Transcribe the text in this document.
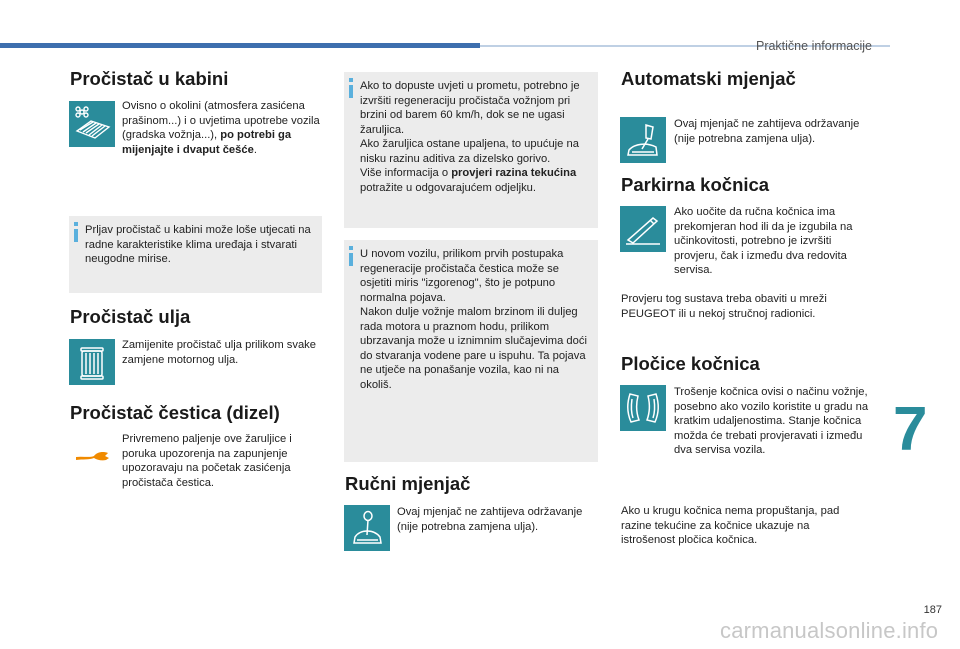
Praktične informacije
Pročistač u kabini

Ovisno o okolini (atmosfera zasićena prašinom...) i o uvjetima upotrebe vozila (gradska vožnja...), po potrebi ga mijenjajte i dvaput češće.

Prljav pročistač u kabini može loše utjecati na radne karakteristike klima uređaja i stvarati neugodne mirise.
Pročistač ulja

Zamijenite pročistač ulja prilikom svake zamjene motornog ulja.

Pročistač čestica (dizel)

Privremeno paljenje ove žaruljice i poruka upozorenja na zapunjenje upozoravaju na početak zasićenja pročistača čestica.

Ako to dopuste uvjeti u prometu, potrebno je izvršiti regeneraciju pročistača vožnjom pri brzini od barem 60 km/h, dok se ne ugasi žaruljica.
Ako žaruljica ostane upaljena, to upućuje na nisku razinu aditiva za dizelsko gorivo.
Više informacija o provjeri razina tekućina potražite u odgovarajućem odjeljku.
U novom vozilu, prilikom prvih postupaka regeneracije pročistača čestica može se osjetiti miris "izgorenog", što je potpuno normalna pojava.
Nakon dulje vožnje malom brzinom ili duljeg rada motora u praznom hodu, prilikom ubrzavanja može u iznimnim slučajevima doći do stvaranja vodene pare u ispuhu. Ta pojava ne utječe na ponašanje vozila, kao ni na okoliš.
Ručni mjenjač

Ovaj mjenjač ne zahtijeva održavanje (nije potrebna zamjena ulja).

Automatski mjenjač

Ovaj mjenjač ne zahtijeva održavanje (nije potrebna zamjena ulja).

Parkirna kočnica

Ako uočite da ručna kočnica ima prekomjeran hod ili da je izgubila na učinkovitosti, potrebno je izvršiti provjeru, čak i između dva redovita servisa.

Provjeru tog sustava treba obaviti u mreži PEUGEOT ili u nekoj stručnoj radionici.

Pločice kočnica

Trošenje kočnica ovisi o načinu vožnje, posebno ako vozilo koristite u gradu na kratkim udaljenostima. Stanje kočnica možda će trebati provjeravati i između dva servisa vozila.

Ako u krugu kočnica nema propuštanja, pad razine tekućine za kočnice ukazuje na istrošenost pločica kočnica.

7
187
carmanualsonline.info
